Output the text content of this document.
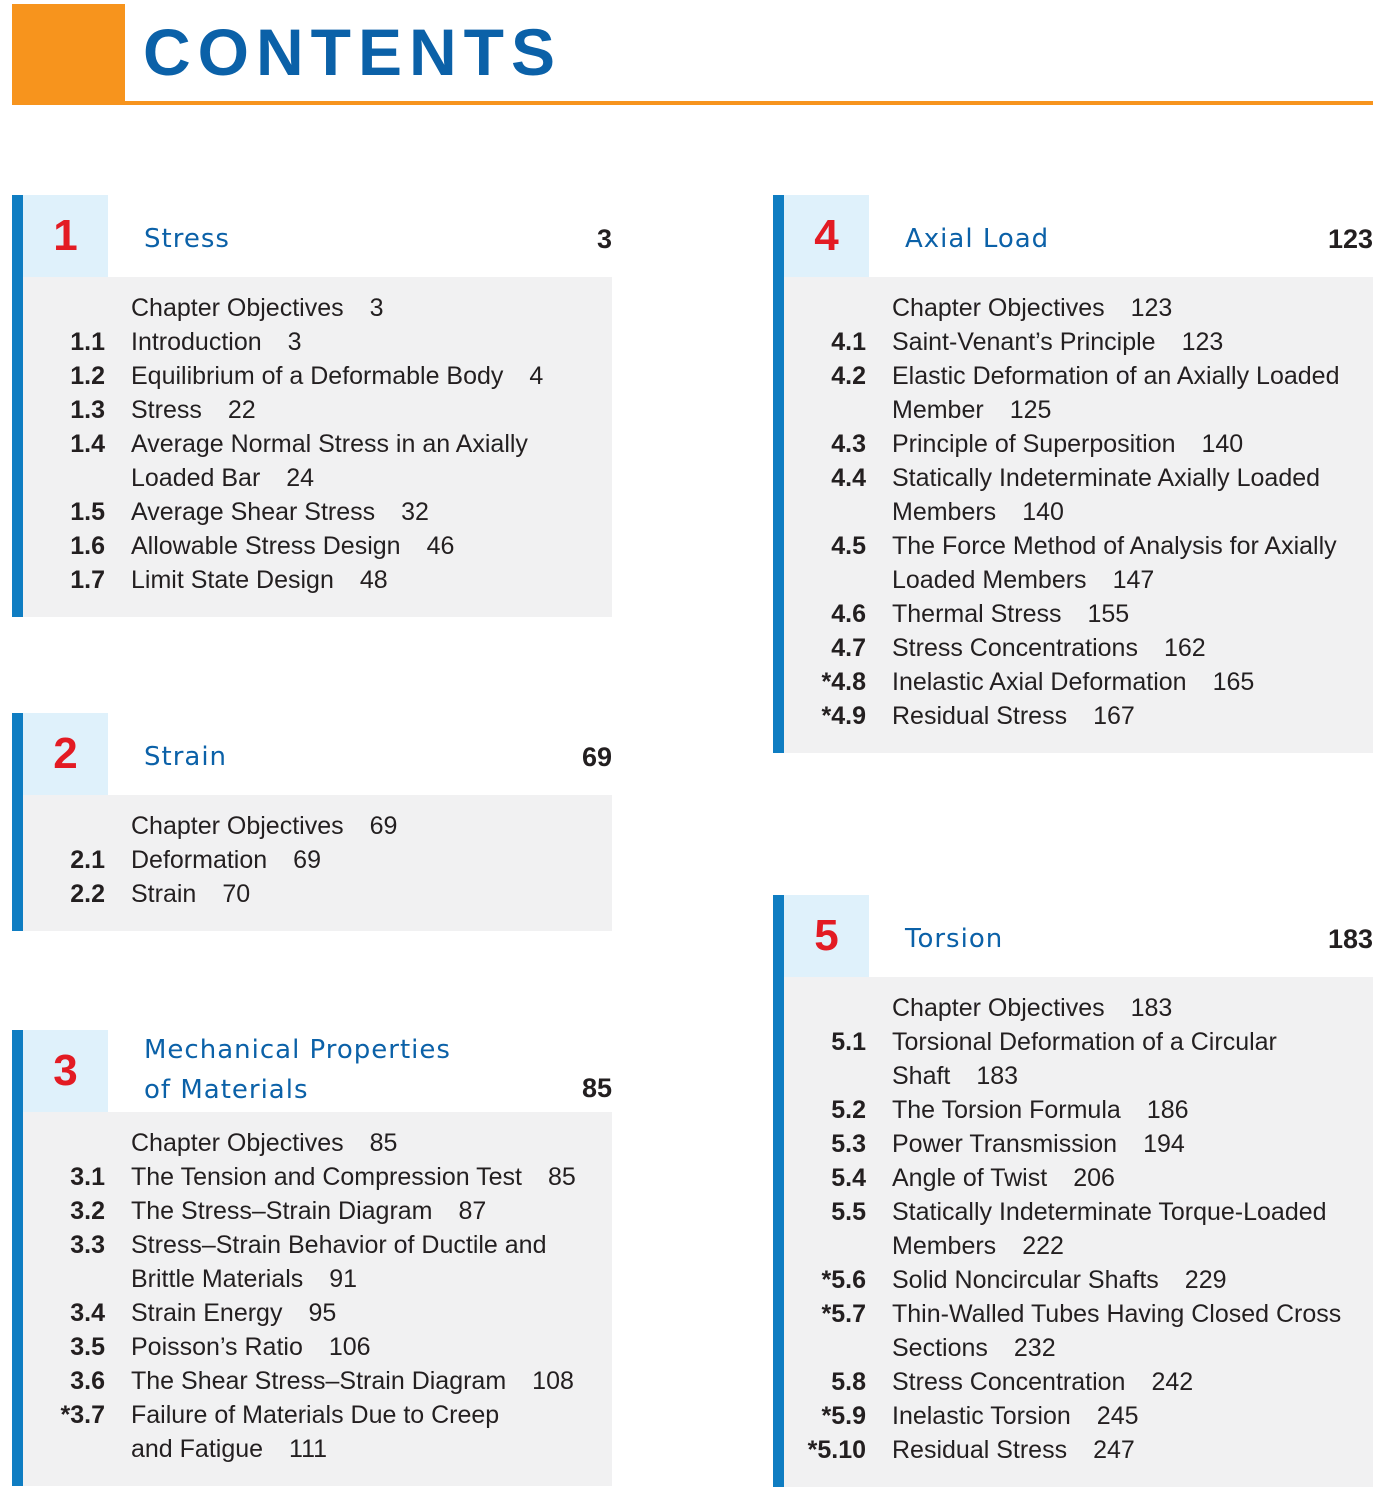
CONTENTS
1	Stress	3
Chapter Objectives 3
1.1 Introduction 3
1.2 Equilibrium of a Deformable Body 4
1.3 Stress 22
1.4 Average Normal Stress in an Axially
Loaded Bar 24
1.5 Average Shear Stress 32
1.6 Allowable Stress Design 46
1.7 Limit State Design 48
2	Strain	69
Chapter Objectives 69
2.1 Deformation 69
2.2 Strain 70
3	Mechanical Properties
of Materials	85
Chapter Objectives 85
3.1 The Tension and Compression Test 85
3.2 The Stress–Strain Diagram 87
3.3 Stress–Strain Behavior of Ductile and
Brittle Materials 91
3.4 Strain Energy 95
3.5 Poisson’s Ratio 106
3.6 The Shear Stress–Strain Diagram 108
*3.7 Failure of Materials Due to Creep
and Fatigue 111
4	Axial Load	123
Chapter Objectives 123
4.1 Saint-Venant’s Principle 123
4.2 Elastic Deformation of an Axially Loaded
Member 125
4.3 Principle of Superposition 140
4.4 Statically Indeterminate Axially Loaded
Members 140
4.5 The Force Method of Analysis for Axially
Loaded Members 147
4.6 Thermal Stress 155
4.7 Stress Concentrations 162
*4.8 Inelastic Axial Deformation 165
*4.9 Residual Stress 167
5	Torsion	183
Chapter Objectives 183
5.1 Torsional Deformation of a Circular
Shaft 183
5.2 The Torsion Formula 186
5.3 Power Transmission 194
5.4 Angle of Twist 206
5.5 Statically Indeterminate Torque-Loaded
Members 222
*5.6 Solid Noncircular Shafts 229
*5.7 Thin-Walled Tubes Having Closed Cross
Sections 232
5.8 Stress Concentration 242
*5.9 Inelastic Torsion 245
*5.10 Residual Stress 247
